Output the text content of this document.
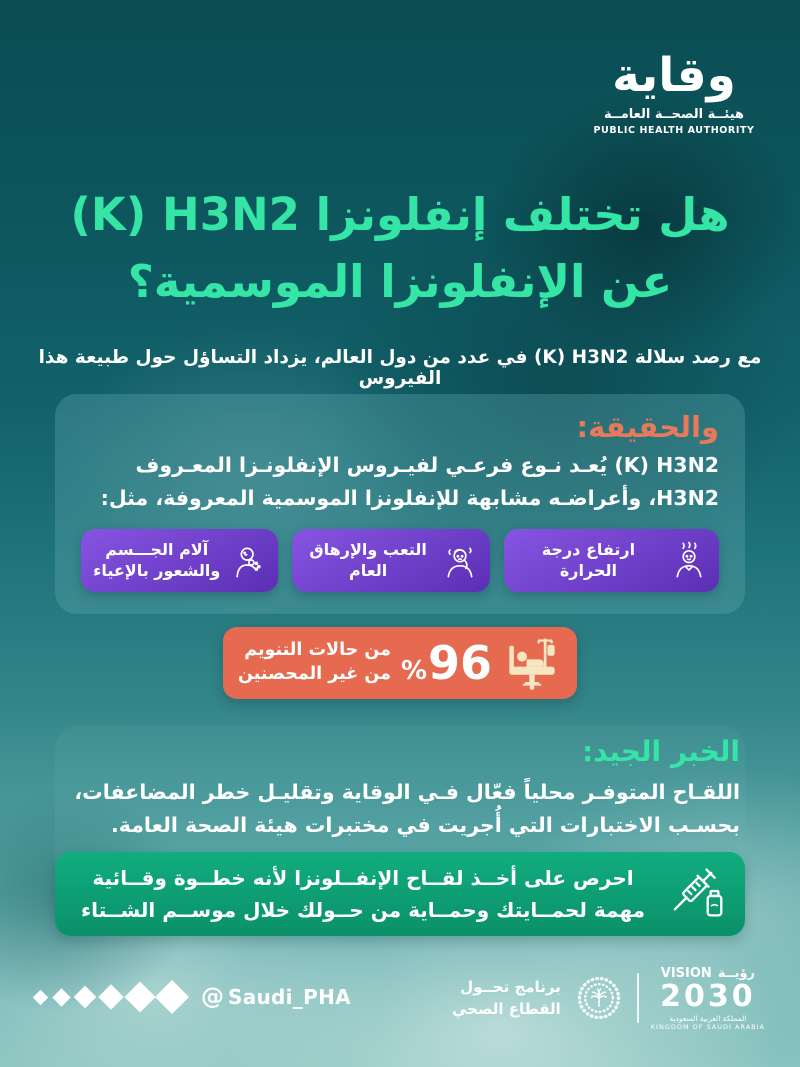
وقاية
هيئــة الصحــة العامــة
PUBLIC HEALTH AUTHORITY
هل تختلف إنفلونزا (K) H3N2
عن الإنفلونزا الموسمية؟
مع رصد سلالة (K) H3N2 في عدد من دول العالم، يزداد التساؤل حول طبيعة هذا الفيروس
والحقيقة:
(K) H3N2 يُعـد نـوع فرعـي لفيـروس الإنفلونـزا المعـروف H3N2، وأعراضـه مشابهة للإنفلونزا الموسمية المعروفة، مثل:
ارتفاع درجة الحرارة
التعب والإرهاق العام
آلام الجـــسم والشعور بالإعياء
% 96
من حالات التنويم
من غير المحصنين
الخبر الجيد:
اللقـاح المتوفـر محلياً فعّال فـي الوقاية وتقليـل خطر المضاعفات، بحسـب الاختبارات التي أُجريت في مختبرات هيئة الصحة العامة.
احرص على أخــذ لقــاح الإنفــلونزا لأنه خطــوة وقــائية مهمة لحمــايتك وحمــاية من حــولك خلال موســم الشــتاء
@ Saudi_PHA	برنامج تحــول
القطاع الصحي
VISION رؤيــة
2030
المملكة العربية السعودية
KINGDOM OF SAUDI ARABIA
